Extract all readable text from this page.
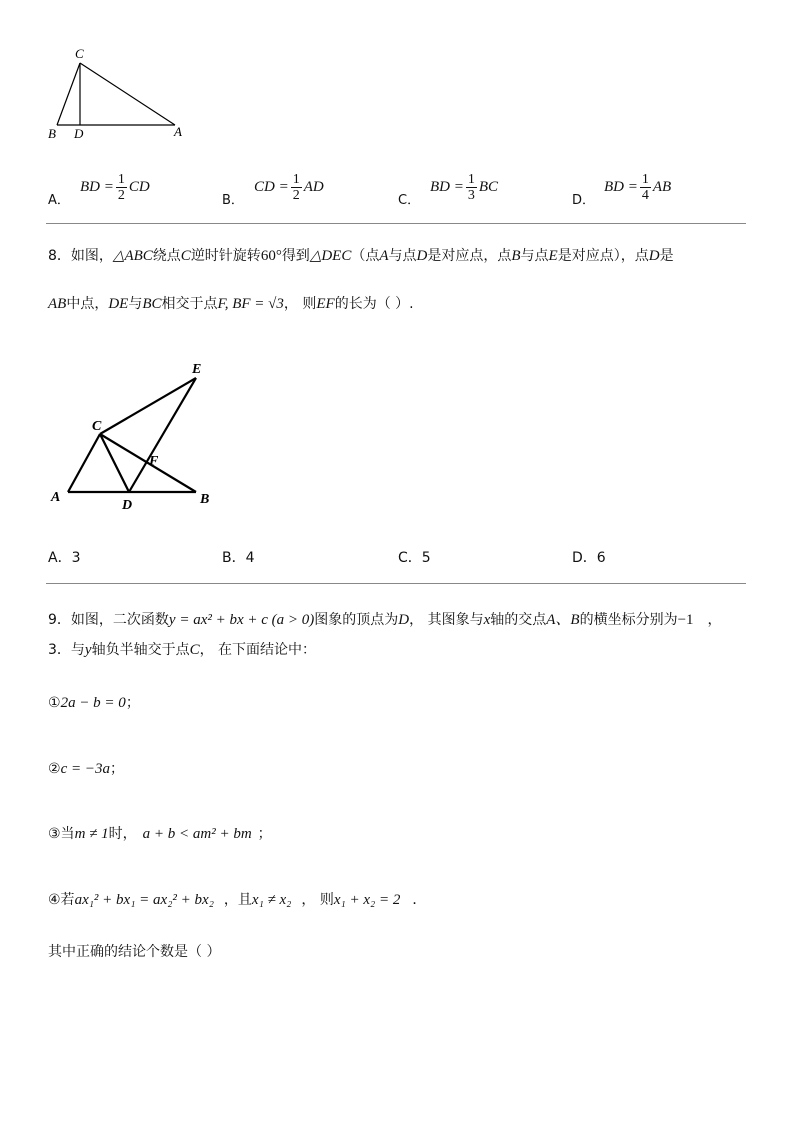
C
B D	A
BD = $\frac{1}{2}$ CD
A．
CD = $\frac{1}{2}$ AD
B．
BD = $\frac{1}{3}$ BC
C．
BD = $\frac{1}{4}$ AB
D．
8．如图，△ABC绕点C逆时针旋转60°得到△DEC（点A与点D是对应点，点B与点E是对应点），点D是
AB中点，DE与BC相交于点F, BF = √3， 则EF的长为（ ）.
E
C
F
A
D	B
A．3	B．4	C．5	D．6
9．如图，二次函数y = ax² + bx + c (a > 0)图象的顶点为D， 其图象与x轴的交点A、B的横坐标分别为−1 ，
3．与y轴负半轴交于点C， 在下面结论中：
①2a − b = 0；
②c = −3a；
③当m ≠ 1时， a + b < am² + bm ；
④若ax₁² + bx₁ = ax₂² + bx₂ ，且x₁ ≠ x₂ ， 则x₁ + x₂ = 2 ．
其中正确的结论个数是（ ）
